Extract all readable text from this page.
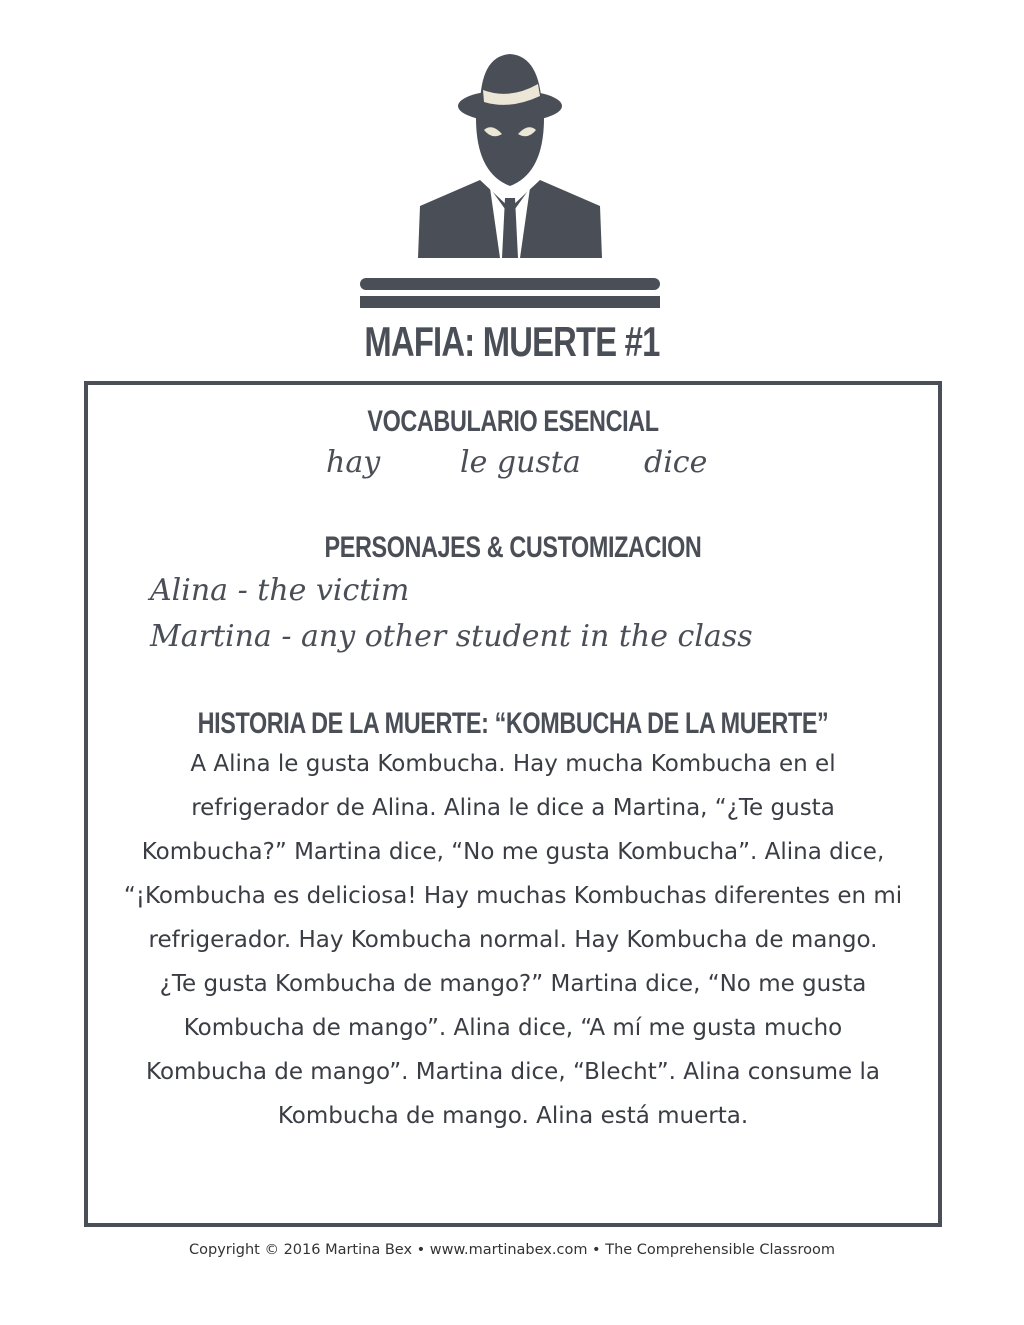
MAFIA: MUERTE #1
VOCABULARIO ESENCIAL
hay	le gusta dice
PERSONAJES & CUSTOMIZACION
Alina - the victim
Martina - any other student in the class
HISTORIA DE LA MUERTE: “KOMBUCHA DE LA MUERTE”
A Alina le gusta Kombucha. Hay mucha Kombucha en el
refrigerador de Alina. Alina le dice a Martina, “¿Te gusta
Kombucha?” Martina dice, “No me gusta Kombucha”. Alina dice,
“¡Kombucha es deliciosa! Hay muchas Kombuchas diferentes en mi
refrigerador. Hay Kombucha normal. Hay Kombucha de mango.
¿Te gusta Kombucha de mango?” Martina dice, “No me gusta
Kombucha de mango”. Alina dice, “A mí me gusta mucho
Kombucha de mango”. Martina dice, “Blecht”. Alina consume la
Kombucha de mango. Alina está muerta.
Copyright © 2016 Martina Bex • www.martinabex.com • The Comprehensible Classroom
